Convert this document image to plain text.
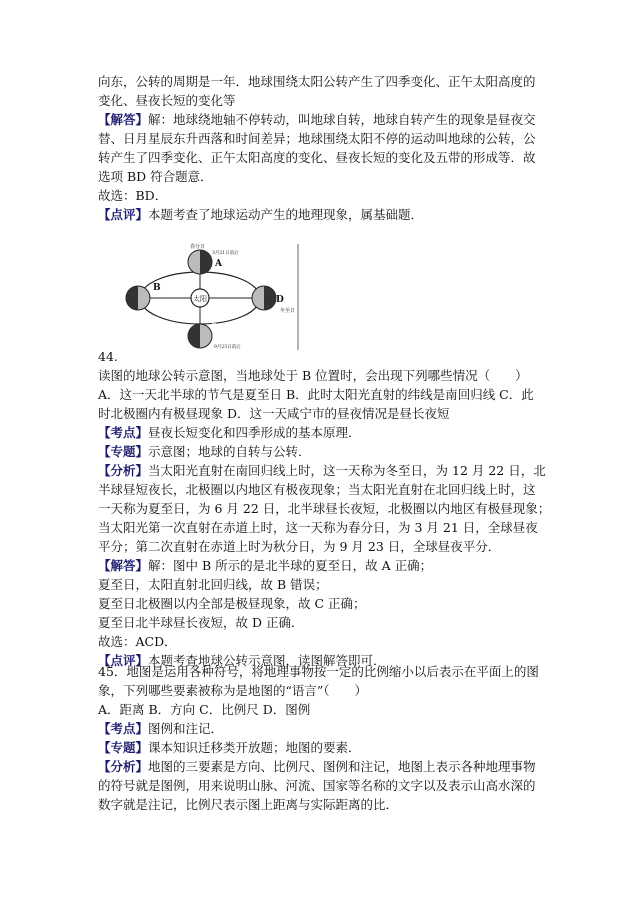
向东，公转的周期是一年．地球围绕太阳公转产生了四季变化、正午太阳高度的
变化、昼夜长短的变化等
【解答】解：地球绕地轴不停转动，叫地球自转，地球自转产生的现象是昼夜交
替、日月星辰东升西落和时间差异；地球围绕太阳不停的运动叫地球的公转，公
转产生了四季变化、正午太阳高度的变化、昼夜长短的变化及五带的形成等．故
选项 BD 符合题意．
故选：BD．
【点评】本题考查了地球运动产生的地理现象，属基础题．
太阳
A
春分日
3月21日前后
B
C
9月23日前后
D
冬至日
44.
读图的地球公转示意图，当地球处于 B 位置时，会出现下列哪些情况（　　）
A．这一天北半球的节气是夏至日 B．此时太阳光直射的纬线是南回归线 C．此
时北极圈内有极昼现象 D．这一天咸宁市的昼夜情况是昼长夜短
【考点】昼夜长短变化和四季形成的基本原理．
【专题】示意图；地球的自转与公转．
【分析】当太阳光直射在南回归线上时，这一天称为冬至日，为 12 月 22 日，北
半球昼短夜长，北极圈以内地区有极夜现象；当太阳光直射在北回归线上时，这
一天称为夏至日，为 6 月 22 日，北半球昼长夜短，北极圈以内地区有极昼现象；
当太阳光第一次直射在赤道上时，这一天称为春分日，为 3 月 21 日，全球昼夜
平分；第二次直射在赤道上时为秋分日，为 9 月 23 日，全球昼夜平分．
【解答】解：图中 B 所示的是北半球的夏至日，故 A 正确；
夏至日，太阳直射北回归线，故 B 错误；
夏至日北极圈以内全部是极昼现象，故 C 正确；
夏至日北半球昼长夜短，故 D 正确．
故选：ACD．
【点评】本题考查地球公转示意图，读图解答即可．
45．地图是运用各种符号，将地理事物按一定的比例缩小以后表示在平面上的图
象，下列哪些要素被称为是地图的“语言”（　　）
A．距离 B．方向 C．比例尺 D．图例
【考点】图例和注记．
【专题】课本知识迁移类开放题；地图的要素．
【分析】地图的三要素是方向、比例尺、图例和注记，地图上表示各种地理事物
的符号就是图例，用来说明山脉、河流、国家等名称的文字以及表示山高水深的
数字就是注记，比例尺表示图上距离与实际距离的比．
